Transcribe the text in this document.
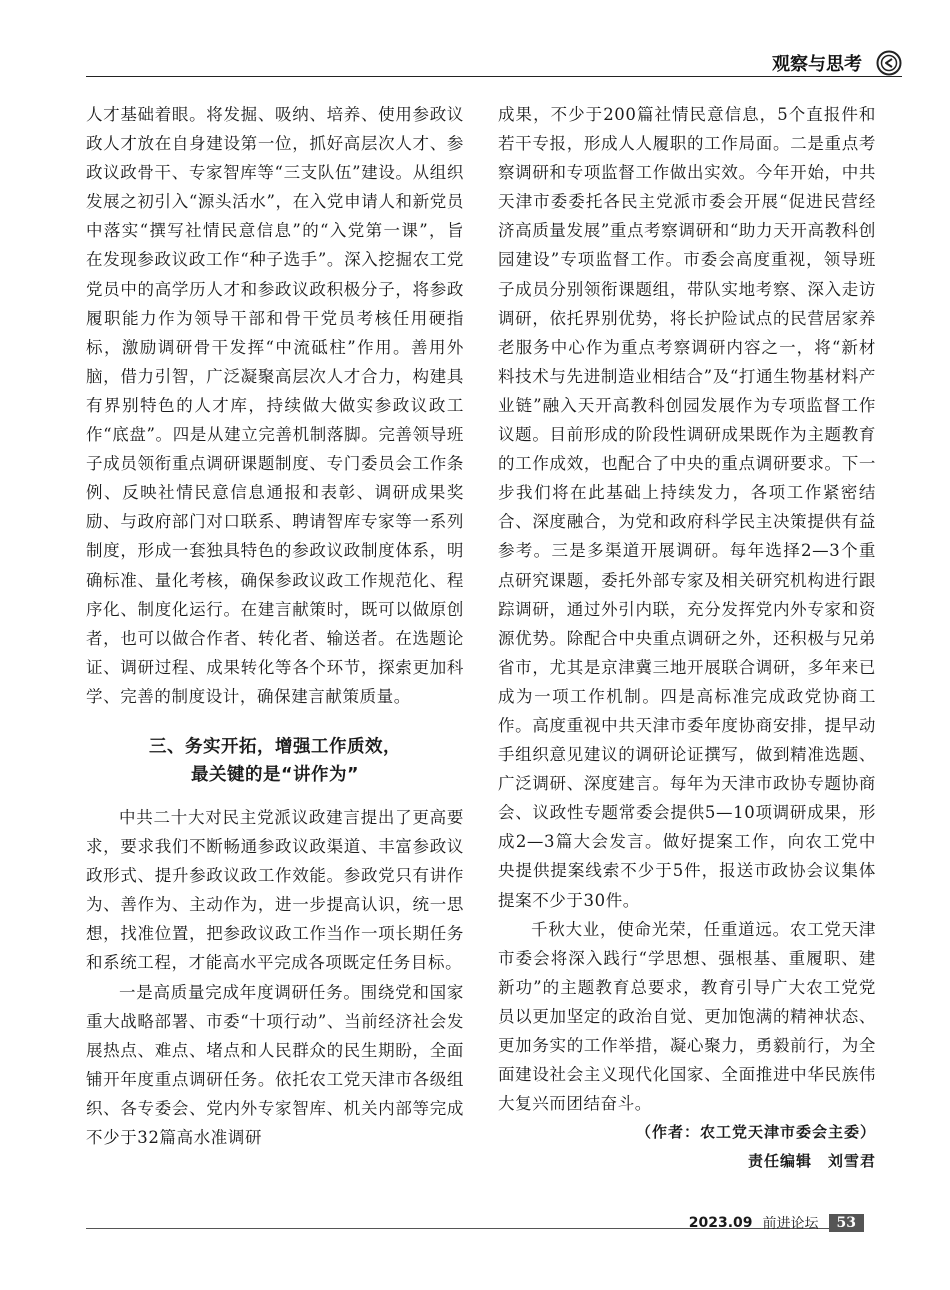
观察与思考

人才基础着眼。将发掘、吸纳、培养、使用参政议政人才放在自身建设第一位，抓好高层次人才、参政议政骨干、专家智库等“三支队伍”建设。从组织发展之初引入“源头活水”，在入党申请人和新党员中落实“撰写社情民意信息”的“入党第一课”，旨在发现参政议政工作“种子选手”。深入挖掘农工党党员中的高学历人才和参政议政积极分子，将参政履职能力作为领导干部和骨干党员考核任用硬指标，激励调研骨干发挥“中流砥柱”作用。善用外脑，借力引智，广泛凝聚高层次人才合力，构建具有界别特色的人才库，持续做大做实参政议政工作“底盘”。四是从建立完善机制落脚。完善领导班子成员领衔重点调研课题制度、专门委员会工作条例、反映社情民意信息通报和表彰、调研成果奖励、与政府部门对口联系、聘请智库专家等一系列制度，形成一套独具特色的参政议政制度体系，明确标准、量化考核，确保参政议政工作规范化、程序化、制度化运行。在建言献策时，既可以做原创者，也可以做合作者、转化者、输送者。在选题论证、调研过程、成果转化等各个环节，探索更加科学、完善的制度设计，确保建言献策质量。

三、务实开拓，增强工作质效，
最关键的是“讲作为”

中共二十大对民主党派议政建言提出了更高要求，要求我们不断畅通参政议政渠道、丰富参政议政形式、提升参政议政工作效能。参政党只有讲作为、善作为、主动作为，进一步提高认识，统一思想，找准位置，把参政议政工作当作一项长期任务和系统工程，才能高水平完成各项既定任务目标。

一是高质量完成年度调研任务。围绕党和国家重大战略部署、市委“十项行动”、当前经济社会发展热点、难点、堵点和人民群众的民生期盼，全面铺开年度重点调研任务。依托农工党天津市各级组织、各专委会、党内外专家智库、机关内部等完成不少于32篇高水准调研

成果，不少于200篇社情民意信息，5个直报件和若干专报，形成人人履职的工作局面。二是重点考察调研和专项监督工作做出实效。今年开始，中共天津市委委托各民主党派市委会开展“促进民营经济高质量发展”重点考察调研和“助力天开高教科创园建设”专项监督工作。市委会高度重视，领导班子成员分别领衔课题组，带队实地考察、深入走访调研，依托界别优势，将长护险试点的民营居家养老服务中心作为重点考察调研内容之一，将“新材料技术与先进制造业相结合”及“打通生物基材料产业链”融入天开高教科创园发展作为专项监督工作议题。目前形成的阶段性调研成果既作为主题教育的工作成效，也配合了中央的重点调研要求。下一步我们将在此基础上持续发力，各项工作紧密结合、深度融合，为党和政府科学民主决策提供有益参考。三是多渠道开展调研。每年选择2—3个重点研究课题，委托外部专家及相关研究机构进行跟踪调研，通过外引内联，充分发挥党内外专家和资源优势。除配合中央重点调研之外，还积极与兄弟省市，尤其是京津冀三地开展联合调研，多年来已成为一项工作机制。四是高标准完成政党协商工作。高度重视中共天津市委年度协商安排，提早动手组织意见建议的调研论证撰写，做到精准选题、广泛调研、深度建言。每年为天津市政协专题协商会、议政性专题常委会提供5—10项调研成果，形成2—3篇大会发言。做好提案工作，向农工党中央提供提案线索不少于5件，报送市政协会议集体提案不少于30件。

千秋大业，使命光荣，任重道远。农工党天津市委会将深入践行“学思想、强根基、重履职、建新功”的主题教育总要求，教育引导广大农工党党员以更加坚定的政治自觉、更加饱满的精神状态、更加务实的工作举措，凝心聚力，勇毅前行，为全面建设社会主义现代化国家、全面推进中华民族伟大复兴而团结奋斗。

（作者：农工党天津市委会主委）

责任编辑　刘雪君

2023.09 前进论坛	53
